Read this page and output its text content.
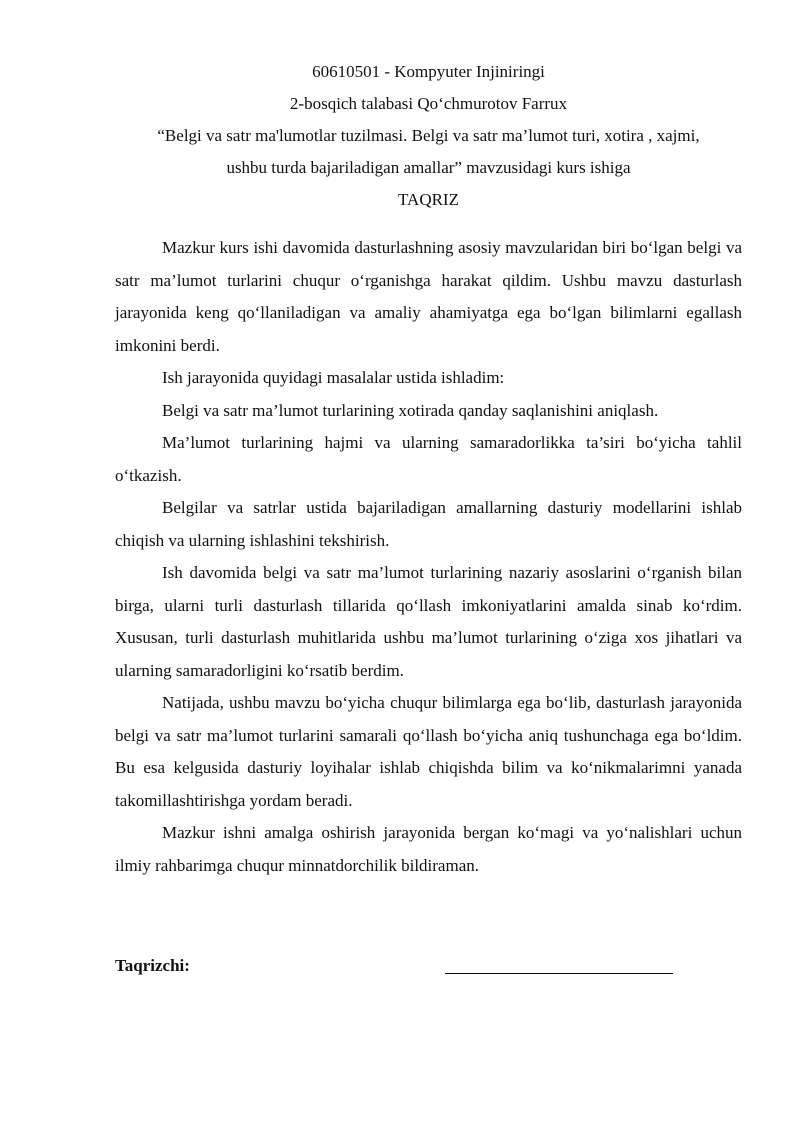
60610501 - Kompyuter Injiniringi
2-bosqich talabasi Qo‘chmurotov Farrux
“Belgi va satr ma'lumotlar tuzilmasi. Belgi va satr ma’lumot turi, xotira , xajmi,
ushbu turda bajariladigan amallar” mavzusidagi kurs ishiga
TAQRIZ

Mazkur kurs ishi davomida dasturlashning asosiy mavzularidan biri bo‘lgan belgi va satr ma’lumot turlarini chuqur o‘rganishga harakat qildim. Ushbu mavzu dasturlash jarayonida keng qo‘llaniladigan va amaliy ahamiyatga ega bo‘lgan bilimlarni egallash imkonini berdi.

Ish jarayonida quyidagi masalalar ustida ishladim:

Belgi va satr ma’lumot turlarining xotirada qanday saqlanishini aniqlash.

Ma’lumot turlarining hajmi va ularning samaradorlikka ta’siri bo‘yicha tahlil o‘tkazish.

Belgilar va satrlar ustida bajariladigan amallarning dasturiy modellarini ishlab chiqish va ularning ishlashini tekshirish.

Ish davomida belgi va satr ma’lumot turlarining nazariy asoslarini o‘rganish bilan birga, ularni turli dasturlash tillarida qo‘llash imkoniyatlarini amalda sinab ko‘rdim. Xususan, turli dasturlash muhitlarida ushbu ma’lumot turlarining o‘ziga xos jihatlari va ularning samaradorligini ko‘rsatib berdim.

Natijada, ushbu mavzu bo‘yicha chuqur bilimlarga ega bo‘lib, dasturlash jarayonida belgi va satr ma’lumot turlarini samarali qo‘llash bo‘yicha aniq tushunchaga ega bo‘ldim. Bu esa kelgusida dasturiy loyihalar ishlab chiqishda bilim va ko‘nikmalarimni yanada takomillashtirishga yordam beradi.

Mazkur ishni amalga oshirish jarayonida bergan ko‘magi va yo‘nalishlari uchun ilmiy rahbarimga chuqur minnatdorchilik bildiraman.

Taqrizchi:
